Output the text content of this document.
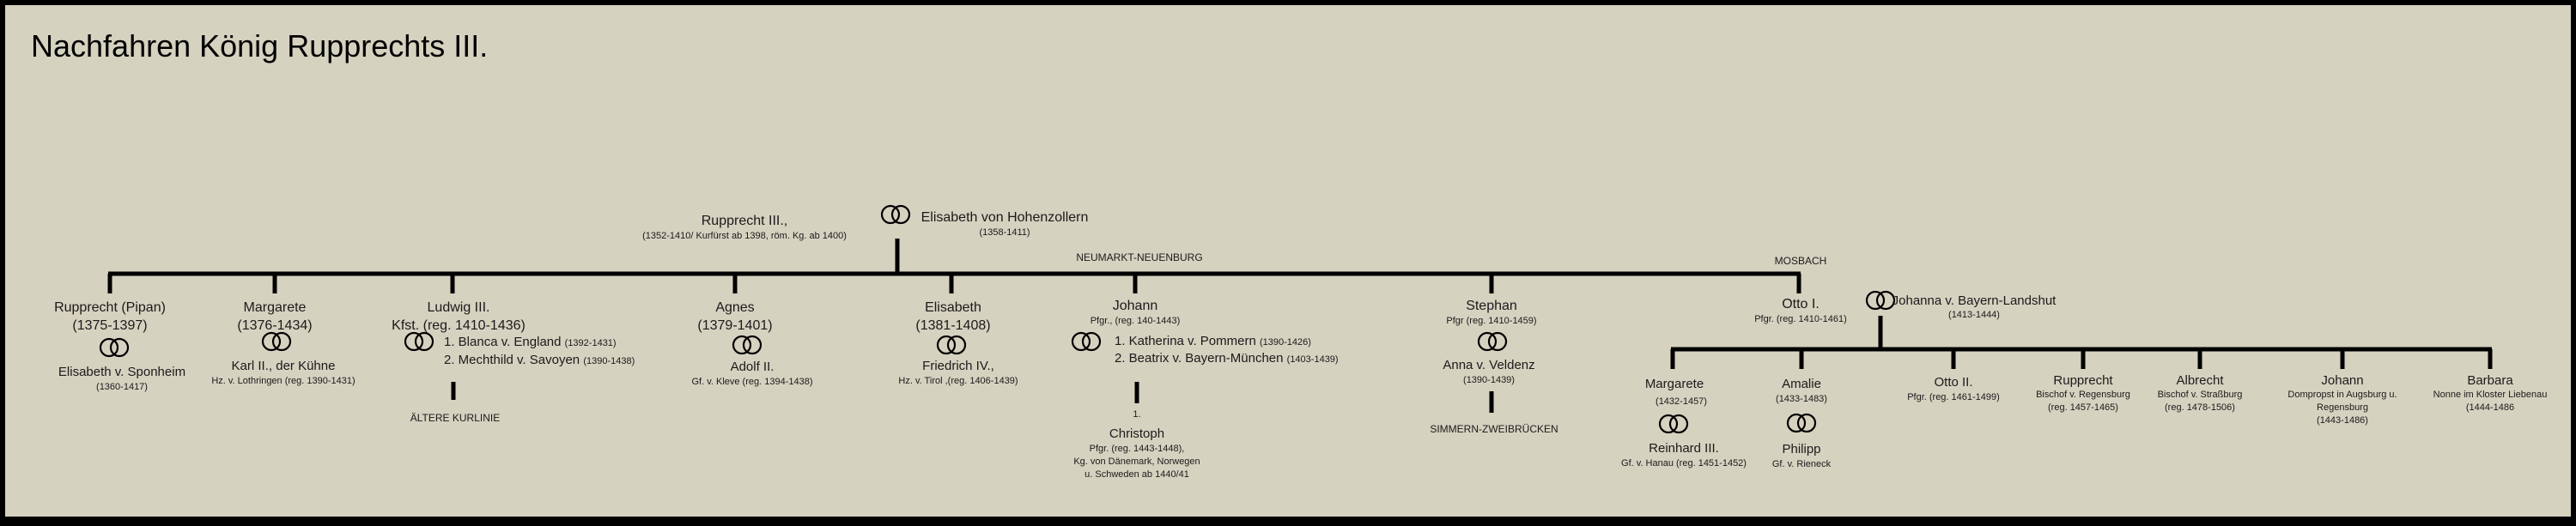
Nachfahren König Rupprechts III.
Rupprecht III.,
(1352-1410/ Kurfürst ab 1398, röm. Kg. ab 1400)
Elisabeth von Hohenzollern
(1358-1411)
NEUMARKT-NEUENBURG	MOSBACH
Rupprecht (Pipan)
(1375-1397)
Elisabeth v. Sponheim
(1360-1417)
Margarete
(1376-1434)
Karl II., der Kühne
Hz. v. Lothringen (reg. 1390-1431)
Ludwig III.
Kfst. (reg. 1410-1436)
1. Blanca v. England (1392-1431)
2. Mechthild v. Savoyen (1390-1438)
ÄLTERE KURLINIE
Agnes
(1379-1401)
Adolf II.
Gf. v. Kleve (reg. 1394-1438)
Elisabeth
(1381-1408)
Friedrich IV.,
Hz. v. Tirol ,(reg. 1406-1439)
Johann
Pfgr., (reg. 140-1443)
1. Katherina v. Pommern (1390-1426)
2. Beatrix v. Bayern-München (1403-1439)
1.
Christoph
Pfgr. (reg. 1443-1448),
Kg. von Dänemark, Norwegen
u. Schweden ab 1440/41
Stephan
Pfgr (reg. 1410-1459)
Anna v. Veldenz
(1390-1439)
SIMMERN-ZWEIBRÜCKEN
Otto I.
Pfgr. (reg. 1410-1461)
Johanna v. Bayern-Landshut
(1413-1444)
Margarete
(1432-1457)
Reinhard III.
Gf. v. Hanau (reg. 1451-1452)
Amalie
(1433-1483)
Philipp
Gf. v. Rieneck
Otto II.
Pfgr. (reg. 1461-1499)
Rupprecht
Bischof v. Regensburg
(reg. 1457-1465)
Albrecht
Bischof v. Straßburg
(reg. 1478-1506)
Johann
Dompropst in Augsburg u.
Regensburg
(1443-1486)
Barbara
Nonne im Kloster Liebenau
(1444-1486
